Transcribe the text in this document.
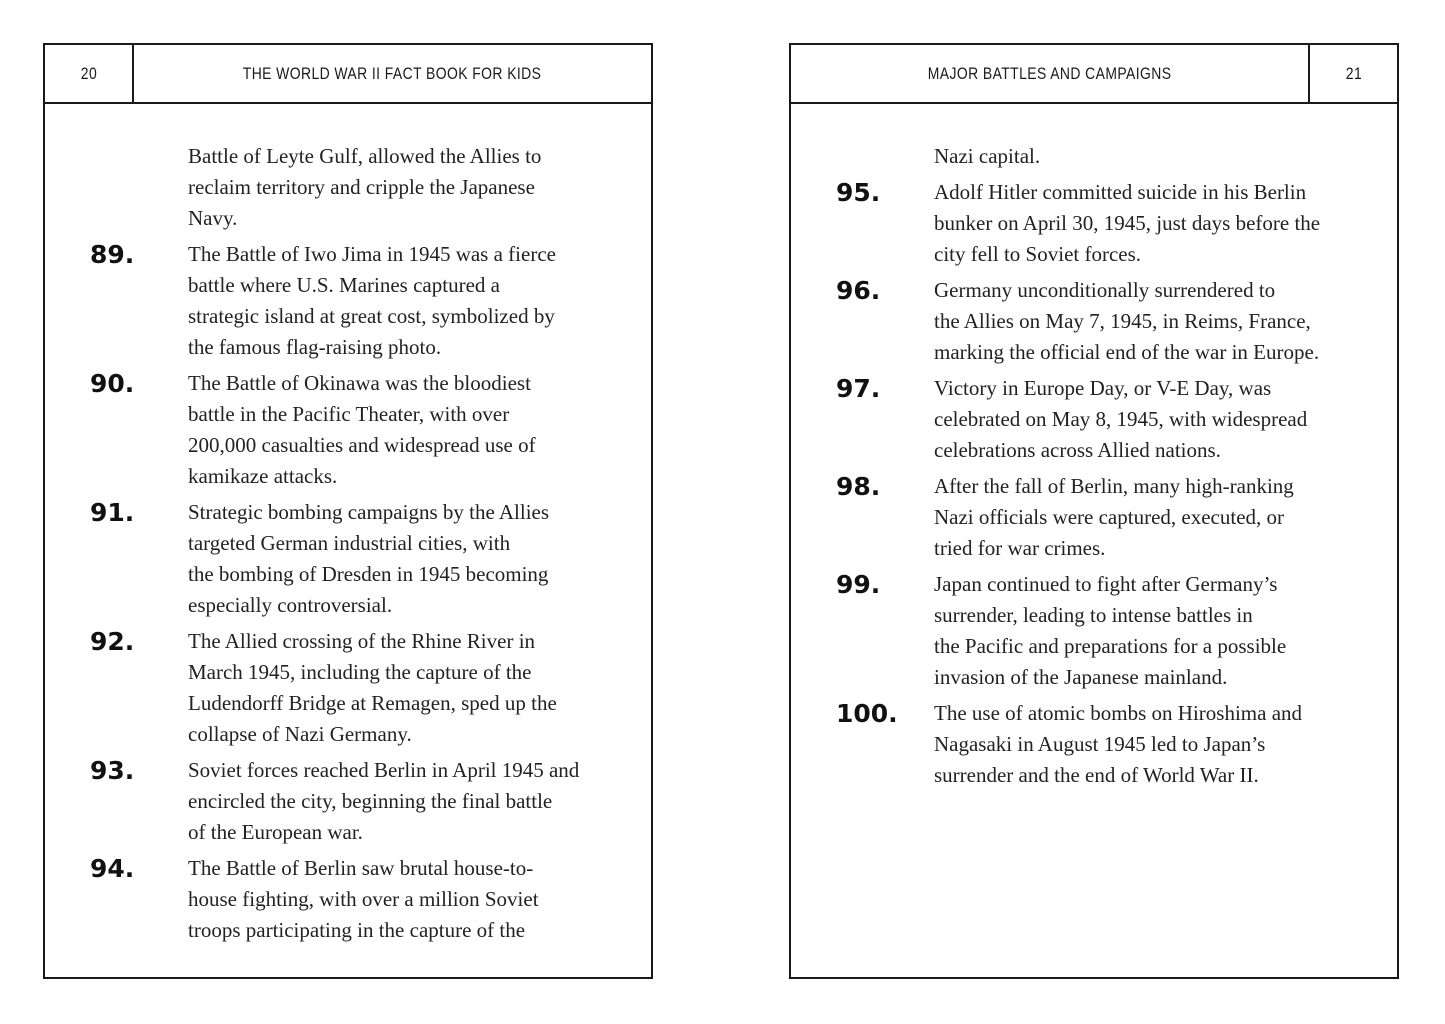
20	THE WORLD WAR II FACT BOOK FOR KIDS
Battle of Leyte Gulf, allowed the Allies to
reclaim territory and cripple the Japanese
Navy.
89.	The Battle of Iwo Jima in 1945 was a fierce
battle where U.S. Marines captured a
strategic island at great cost, symbolized by
the famous flag-raising photo.
90.	The Battle of Okinawa was the bloodiest
battle in the Pacific Theater, with over
200,000 casualties and widespread use of
kamikaze attacks.
91.	Strategic bombing campaigns by the Allies
targeted German industrial cities, with
the bombing of Dresden in 1945 becoming
especially controversial.
92.	The Allied crossing of the Rhine River in
March 1945, including the capture of the
Ludendorff Bridge at Remagen, sped up the
collapse of Nazi Germany.
93.	Soviet forces reached Berlin in April 1945 and
encircled the city, beginning the final battle
of the European war.
94.	The Battle of Berlin saw brutal house-to-
house fighting, with over a million Soviet
troops participating in the capture of the
MAJOR BATTLES AND CAMPAIGNS	21
Nazi capital.
95.	Adolf Hitler committed suicide in his Berlin
bunker on April 30, 1945, just days before the
city fell to Soviet forces.
96.	Germany unconditionally surrendered to
the Allies on May 7, 1945, in Reims, France,
marking the official end of the war in Europe.
97.	Victory in Europe Day, or V-E Day, was
celebrated on May 8, 1945, with widespread
celebrations across Allied nations.
98.	After the fall of Berlin, many high-ranking
Nazi officials were captured, executed, or
tried for war crimes.
99.	Japan continued to fight after Germany’s
surrender, leading to intense battles in
the Pacific and preparations for a possible
invasion of the Japanese mainland.
100. The use of atomic bombs on Hiroshima and
Nagasaki in August 1945 led to Japan’s
surrender and the end of World War II.
